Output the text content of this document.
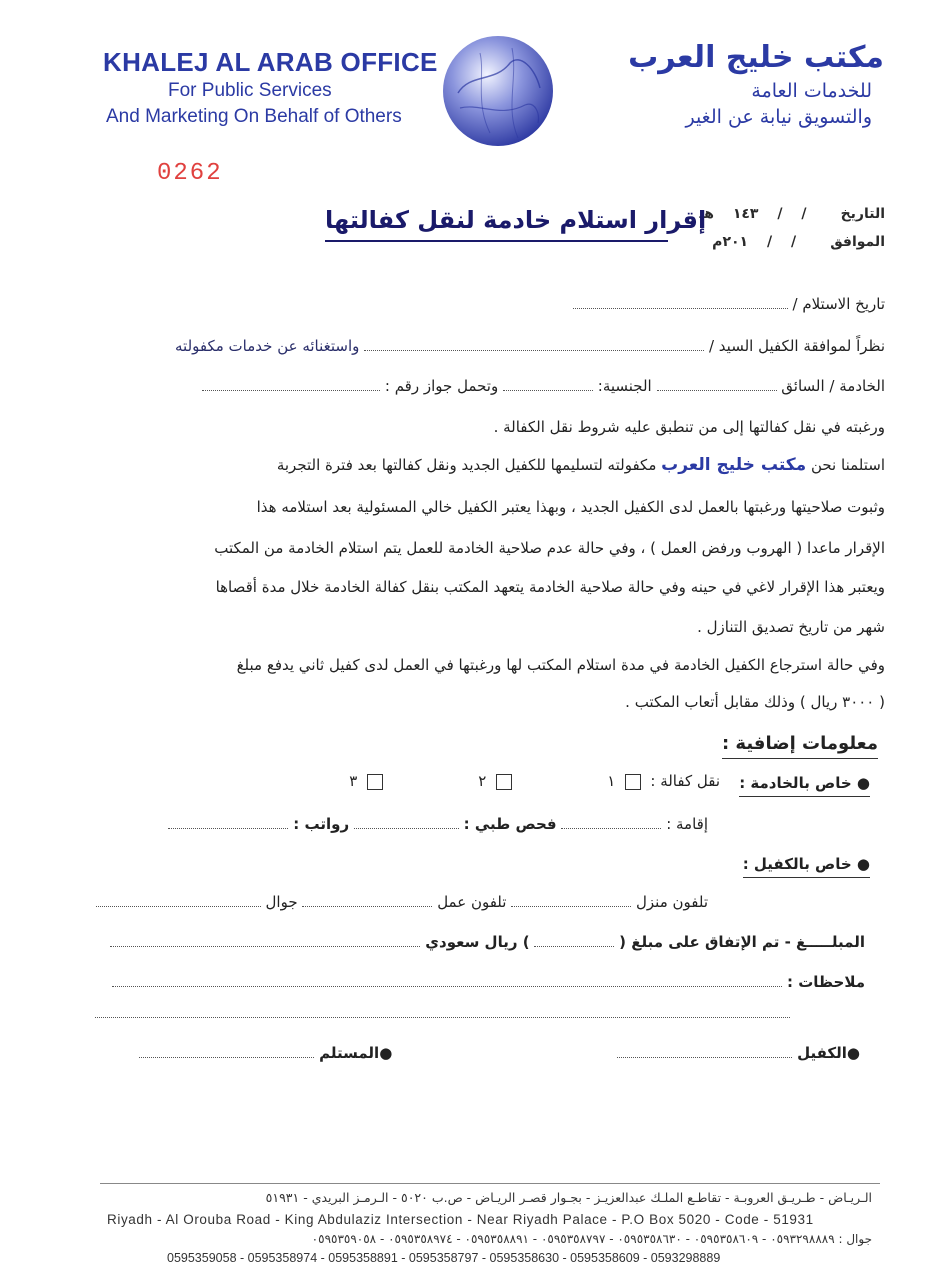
KHALEJ AL ARAB OFFICE
For Public Services
And Marketing On Behalf of Others
مكتب خليج العرب
للخدمات العامة
والتسويق نيابة عن الغير
0262
التاريخ       / / ١٤٣ هـ
الموافق       / / ٢٠١م
إقرار استلام خادمة لنقل كفالتها
تاريخ الاستلام /
نظراً لموافقة الكفيل السيد /  واستغنائه عن خدمات مكفولته
الخادمة / السائق  الجنسية:  وتحمل جواز رقم :
ورغبته في نقل كفالتها إلى من تنطبق عليه شروط نقل الكفالة .
استلمنا نحن مكتب خليج العرب مكفولته لتسليمها للكفيل الجديد ونقل كفالتها بعد فترة التجربة
وثبوت صلاحيتها ورغبتها بالعمل لدى الكفيل الجديد ، وبهذا يعتبر الكفيل خالي المسئولية بعد استلامه هذا
الإقرار ماعدا ( الهروب ورفض العمل ) ، وفي حالة عدم صلاحية الخادمة للعمل يتم استلام الخادمة من المكتب
ويعتبر هذا الإقرار لاغي في حينه وفي حالة صلاحية الخادمة يتعهد المكتب بنقل كفالة الخادمة خلال مدة أقصاها
شهر من تاريخ تصديق التنازل .
وفي حالة استرجاع الكفيل الخادمة في مدة استلام المكتب لها ورغبتها في العمل لدى كفيل ثاني يدفع مبلغ
( ٣٠٠٠ ريال ) وذلك مقابل أتعاب المكتب .
معلومات إضافية :
● خاص بالخادمة :
نقل كفالة :    ١                      ٢                      ٣
إقامة :  فحص طبي :  رواتب :
● خاص بالكفيل :
تلفون منزل  تلفون عمل  جوال
المبلـــــغ - تم الإتفاق على مبلغ (  ) ريال سعودي
ملاحظات :
●الكفيل                                            ●المستلم
الـريـاض - طـريـق العروبـة - تقاطـع الملـك عبدالعزيـز - بجـوار قصـر الريـاض - ص.ب ٥٠٢٠ - الـرمـز البريدي - ٥١٩٣١
Riyadh - Al Orouba Road - King Abdulaziz Intersection - Near Riyadh Palace - P.O Box 5020 - Code - 51931
جوال : ٠٥٩٣٢٩٨٨٨٩ - ٠٥٩٥٣٥٨٦٠٩ - ٠٥٩٥٣٥٨٦٣٠ - ٠٥٩٥٣٥٨٧٩٧ - ٠٥٩٥٣٥٨٨٩١ - ٠٥٩٥٣٥٨٩٧٤ - ٠٥٩٥٣٥٩٠٥٨
0595359058 - 0595358974 - 0595358891 - 0595358797 - 0595358630 - 0595358609 - 0593298889
